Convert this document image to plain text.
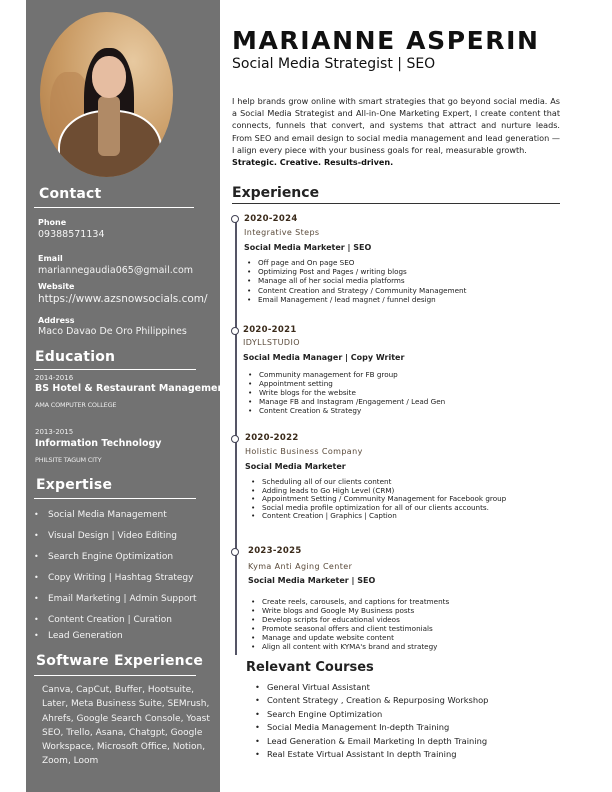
Contact
Phone
09388571134
Email
mariannegaudia065@gmail.com
Website
https://www.azsnowsocials.com/
Address
Maco Davao De Oro Philippines
Education
2014-2016
BS Hotel & Restaurant Management
AMA COMPUTER COLLEGE
2013-2015
Information Technology
PHILSITE TAGUM CITY
Expertise
• Social Media Management
• Visual Design | Video Editing
• Search Engine Optimization
• Copy Writing | Hashtag Strategy
• Email Marketing | Admin Support
• Content Creation | Curation
• Lead Generation
Software Experience
Canva, CapCut, Buffer, Hootsuite, Later, Meta Business Suite, SEMrush, Ahrefs, Google Search Console, Yoast SEO, Trello, Asana, Chatgpt, Google Workspace, Microsoft Office, Notion, Zoom, Loom
MARIANNE ASPERIN
Social Media Strategist | SEO
I help brands grow online with smart strategies that go beyond social media. As a Social Media Strategist and All-in-One Marketing Expert, I create content that connects, funnels that convert, and systems that attract and nurture leads. From SEO and email design to social media management and lead generation —I align every piece with your business goals for real, measurable growth.
Strategic. Creative. Results-driven.
Experience
2020-2024
Integrative Steps
Social Media Marketer | SEO
• Off page and On page SEO
• Optimizing Post and Pages / writing blogs
• Manage all of her social media platforms
• Content Creation and Strategy / Community Management
• Email Management / lead magnet / funnel design
2020-2021
IDYLLSTUDIO
Social Media Manager | Copy Writer
• Community management for FB group
• Appointment setting
• Write blogs for the website
• Manage FB and Instagram /Engagement / Lead Gen
• Content Creation & Strategy
2020-2022
Holistic Business Company
Social Media Marketer
• Scheduling all of our clients content
• Adding leads to Go High Level (CRM)
• Appointment Setting / Community Management for Facebook group
• Social media profile optimization for all of our clients accounts.
• Content Creation | Graphics | Caption
2023-2025
Kyma Anti Aging Center
Social Media Marketer | SEO
• Create reels, carousels, and captions for treatments
• Write blogs and Google My Business posts
• Develop scripts for educational videos
• Promote seasonal offers and client testimonials
• Manage and update website content
• Align all content with KYMA's brand and strategy
Relevant Courses
• General Virtual Assistant
• Content Strategy , Creation & Repurposing Workshop
• Search Engine Optimization
• Social Media Management In-depth Training
• Lead Generation & Email Marketing In depth Training
• Real Estate Virtual Assistant In depth Training
